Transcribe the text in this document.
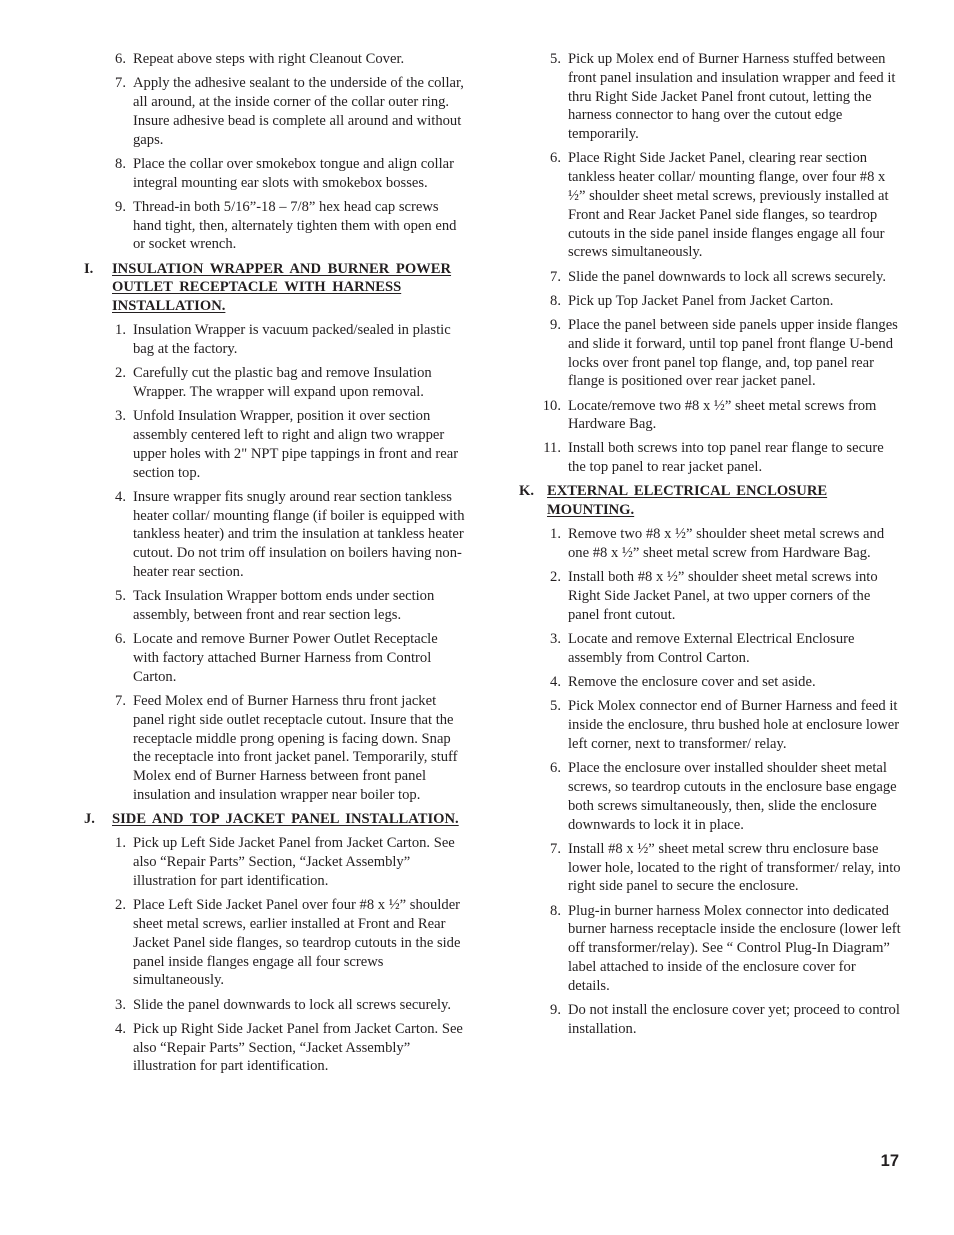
6. Repeat above steps with right Cleanout Cover.
7. Apply the adhesive sealant to the underside of the collar, all around, at the inside corner of the collar outer ring. Insure adhesive bead is complete all around and without gaps.
8. Place the collar over smokebox tongue and align collar integral mounting ear slots with smokebox bosses.
9. Thread-in both 5/16”-18 – 7/8” hex head cap screws hand tight, then, alternately tighten them with open end or socket wrench.
I.	INSULATION WRAPPER AND BURNER POWER OUTLET RECEPTACLE WITH HARNESS INSTALLATION.
1. Insulation Wrapper is vacuum packed/sealed in plastic bag at the factory.
2. Carefully cut the plastic bag and remove Insulation Wrapper. The wrapper will expand upon removal.
3. Unfold Insulation Wrapper, position it over section assembly centered left to right and align two wrapper upper holes with 2" NPT pipe tappings in front and rear section top.
4. Insure wrapper fits snugly around rear section tankless heater collar/ mounting flange (if boiler is equipped with tankless heater) and trim the insulation at tankless heater cutout. Do not trim off insulation on boilers having non-heater rear section.
5. Tack Insulation Wrapper bottom ends under section assembly, between front and rear section legs.
6. Locate and remove Burner Power Outlet Receptacle with factory attached Burner Harness from Control Carton.
7. Feed Molex end of Burner Harness thru front jacket panel right side outlet receptacle cutout. Insure that the receptacle middle prong opening is facing down. Snap the receptacle into front jacket panel. Temporarily, stuff Molex end of Burner Harness between front panel insulation and insulation wrapper near boiler top.
J.	SIDE AND TOP JACKET PANEL INSTALLATION.
1. Pick up Left Side Jacket Panel from Jacket Carton. See also “Repair Parts” Section, “Jacket Assembly” illustration for part identification.
2. Place Left Side Jacket Panel over four #8 x ½” shoulder sheet metal screws, earlier installed at Front and Rear Jacket Panel side flanges, so teardrop cutouts in the side panel inside flanges engage all four screws simultaneously.
3. Slide the panel downwards to lock all screws securely.
4. Pick up Right Side Jacket Panel from Jacket Carton. See also “Repair Parts” Section, “Jacket Assembly” illustration for part identification.
5. Pick up Molex end of Burner Harness stuffed between front panel insulation and insulation wrapper and feed it thru Right Side Jacket Panel front cutout, letting the harness connector to hang over the cutout edge temporarily.
6. Place Right Side Jacket Panel, clearing rear section tankless heater collar/ mounting flange, over four #8 x ½” shoulder sheet metal screws, previously installed at Front and Rear Jacket Panel side flanges, so teardrop cutouts in the side panel inside flanges engage all four screws simultaneously.
7. Slide the panel downwards to lock all screws securely.
8. Pick up Top Jacket Panel from Jacket Carton.
9. Place the panel between side panels upper inside flanges and slide it forward, until top panel front flange U-bend locks over front panel top flange, and, top panel rear flange is positioned over rear jacket panel.
10. Locate/remove two #8 x ½” sheet metal screws from Hardware Bag.
11. Install both screws into top panel rear flange to secure the top panel to rear jacket panel.
K. EXTERNAL ELECTRICAL ENCLOSURE MOUNTING.
1. Remove two #8 x ½” shoulder sheet metal screws and one #8 x ½” sheet metal screw from Hardware Bag.
2. Install both #8 x ½” shoulder sheet metal screws into Right Side Jacket Panel, at two upper corners of the panel front cutout.
3. Locate and remove External Electrical Enclosure assembly from Control Carton.
4. Remove the enclosure cover and set aside.
5. Pick Molex connector end of Burner Harness and feed it inside the enclosure, thru bushed hole at enclosure lower left corner, next to transformer/ relay.
6. Place the enclosure over installed shoulder sheet metal screws, so teardrop cutouts in the enclosure base engage both screws simultaneously, then, slide the enclosure downwards to lock it in place.
7. Install #8 x ½” sheet metal screw thru enclosure base lower hole, located to the right of transformer/ relay, into right side panel to secure the enclosure.
8. Plug-in burner harness Molex connector into dedicated burner harness receptacle inside the enclosure (lower left off transformer/relay). See “ Control Plug-In Diagram” label attached to inside of the enclosure cover for details.
9. Do not install the enclosure cover yet; proceed to control installation.
17
